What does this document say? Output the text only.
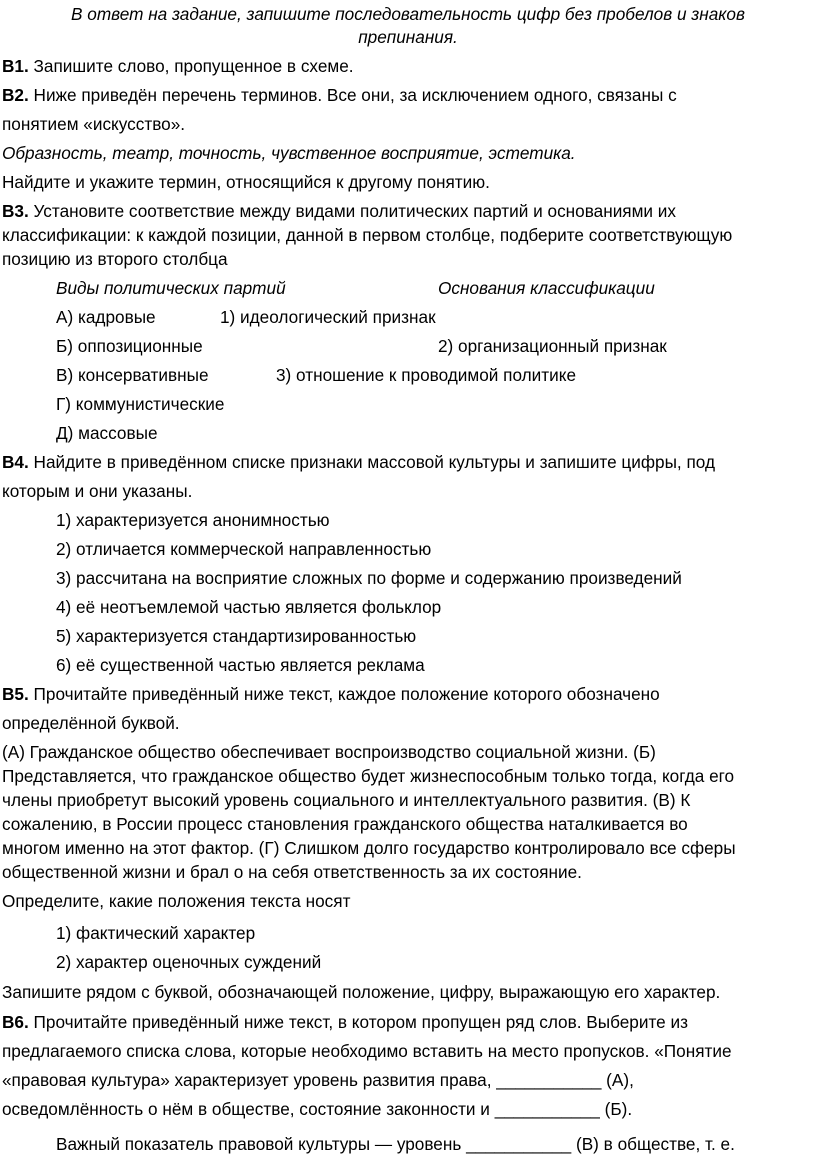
В ответ на задание, запишите последовательность цифр без пробелов и знаков
препинания.
В1. Запишите слово, пропущенное в схеме.
В2. Ниже приведён перечень терминов. Все они, за исключением одного, связаны с
понятием «искусство».
Образность, театр, точность, чувственное восприятие, эстетика.
Найдите и укажите термин, относящийся к другому понятию.
В3. Установите соответствие между видами политических партий и основаниями их
классификации: к каждой позиции, данной в первом столбце, подберите соответствующую
позицию из второго столбца
Виды политических партий	Основания классификации
А) кадровые	1) идеологический признак
Б) оппозиционные	2) организационный признак
В) консервативные	3) отношение к проводимой политике
Г) коммунистические
Д) массовые
В4. Найдите в приведённом списке признаки массовой культуры и запишите цифры, под
которым и они указаны.
1) характеризуется анонимностью
2) отличается коммерческой направленностью
3) рассчитана на восприятие сложных по форме и содержанию произведений
4) её неотъемлемой частью является фольклор
5) характеризуется стандартизированностью
6) её существенной частью является реклама
В5. Прочитайте приведённый ниже текст, каждое положение которого обозначено
определённой буквой.
(А) Гражданское общество обеспечивает воспроизводство социальной жизни. (Б)
Представляется, что гражданское общество будет жизнеспособным только тогда, когда его
члены приобретут высокий уровень социального и интеллектуального развития. (В) К
сожалению, в России процесс становления гражданского общества наталкивается во
многом именно на этот фактор. (Г) Слишком долго государство контролировало все сферы
общественной жизни и брал о на себя ответственность за их состояние.
Определите, какие положения текста носят
1) фактический характер
2) характер оценочных суждений
Запишите рядом с буквой, обозначающей положение, цифру, выражающую его характер.
В6. Прочитайте приведённый ниже текст, в котором пропущен ряд слов. Выберите из
предлагаемого списка слова, которые необходимо вставить на место пропусков. «Понятие
«правовая культура» характеризует уровень развития права, ___________ (А),
осведомлённость о нём в обществе, состояние законности и ___________ (Б).
Важный показатель правовой культуры — уровень ___________ (В) в обществе, т. е.
